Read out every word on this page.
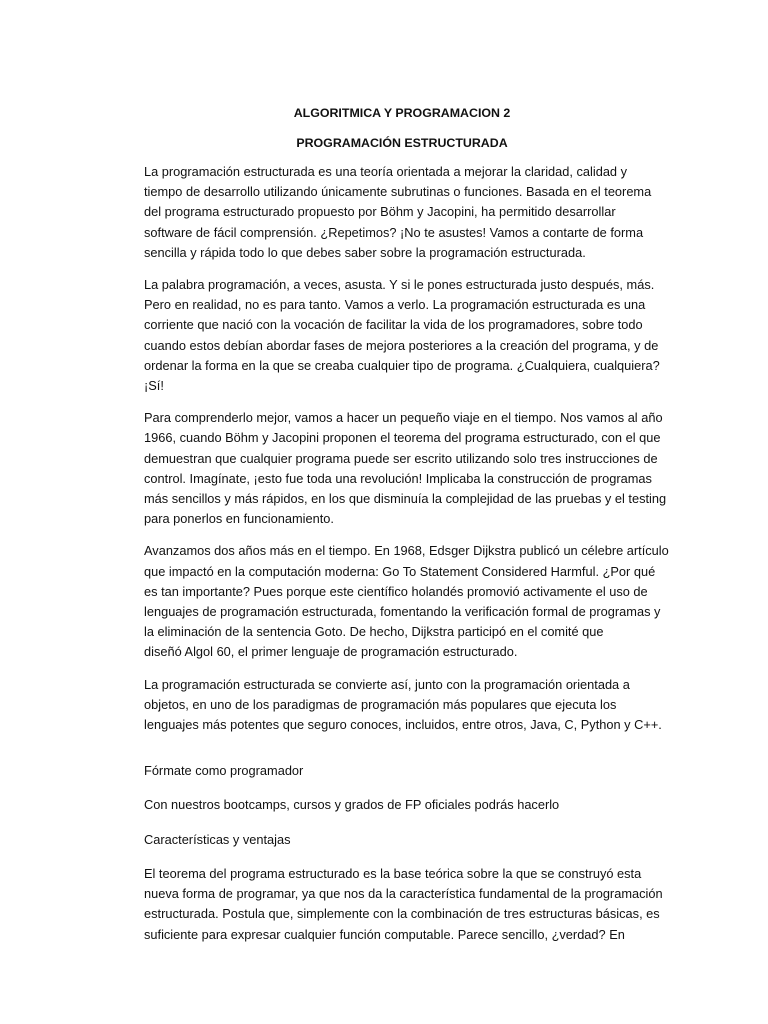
ALGORITMICA Y PROGRAMACION 2
PROGRAMACIÓN ESTRUCTURADA
La programación estructurada es una teoría orientada a mejorar la claridad, calidad y
tiempo de desarrollo utilizando únicamente subrutinas o funciones. Basada en el teorema
del programa estructurado propuesto por Böhm y Jacopini, ha permitido desarrollar
software de fácil comprensión. ¿Repetimos? ¡No te asustes! Vamos a contarte de forma
sencilla y rápida todo lo que debes saber sobre la programación estructurada.
La palabra programación, a veces, asusta. Y si le pones estructurada justo después, más.
Pero en realidad, no es para tanto. Vamos a verlo. La programación estructurada es una
corriente que nació con la vocación de facilitar la vida de los programadores, sobre todo
cuando estos debían abordar fases de mejora posteriores a la creación del programa, y de
ordenar la forma en la que se creaba cualquier tipo de programa. ¿Cualquiera, cualquiera?
¡Sí!
Para comprenderlo mejor, vamos a hacer un pequeño viaje en el tiempo. Nos vamos al año
1966, cuando Böhm y Jacopini proponen el teorema del programa estructurado, con el que
demuestran que cualquier programa puede ser escrito utilizando solo tres instrucciones de
control. Imagínate, ¡esto fue toda una revolución! Implicaba la construcción de programas
más sencillos y más rápidos, en los que disminuía la complejidad de las pruebas y el testing
para ponerlos en funcionamiento.
Avanzamos dos años más en el tiempo. En 1968, Edsger Dijkstra publicó un célebre artículo
que impactó en la computación moderna: Go To Statement Considered Harmful. ¿Por qué
es tan importante? Pues porque este científico holandés promovió activamente el uso de
lenguajes de programación estructurada, fomentando la verificación formal de programas y
la eliminación de la sentencia Goto. De hecho, Dijkstra participó en el comité que
diseñó Algol 60, el primer lenguaje de programación estructurado.
La programación estructurada se convierte así, junto con la programación orientada a
objetos, en uno de los paradigmas de programación más populares que ejecuta los
lenguajes más potentes que seguro conoces, incluidos, entre otros, Java, C, Python y C++.
Fórmate como programador
Con nuestros bootcamps, cursos y grados de FP oficiales podrás hacerlo
Características y ventajas
El teorema del programa estructurado es la base teórica sobre la que se construyó esta
nueva forma de programar, ya que nos da la característica fundamental de la programación
estructurada. Postula que, simplemente con la combinación de tres estructuras básicas, es
suficiente para expresar cualquier función computable. Parece sencillo, ¿verdad? En
